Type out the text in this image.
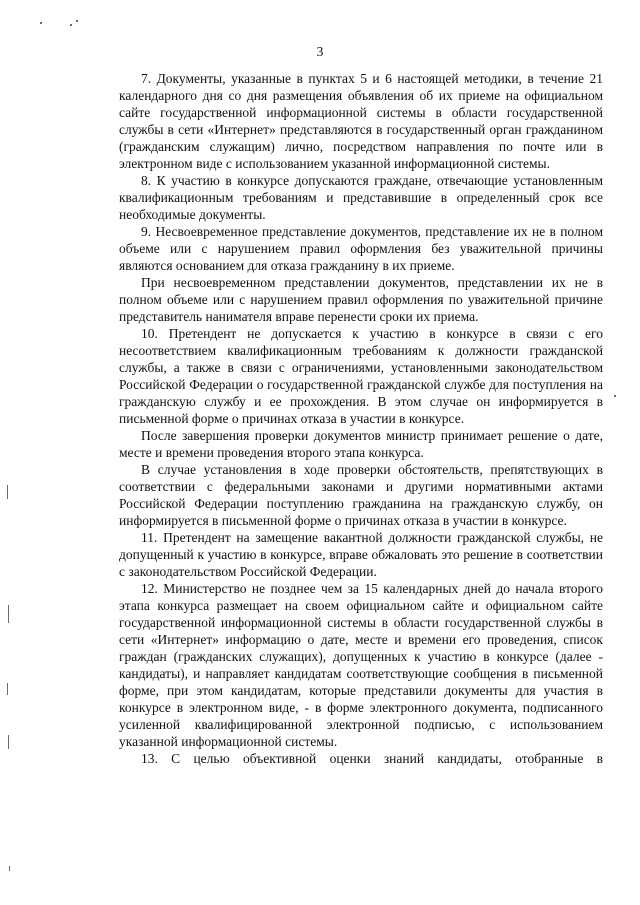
3

7. Документы, указанные в пунктах 5 и 6 настоящей методики, в течение 21 календарного дня со дня размещения объявления об их приеме на официальном сайте государственной информационной системы в области государственной службы в сети «Интернет» представляются в государственный орган гражданином (гражданским служащим) лично, посредством направления по почте или в электронном виде с использованием указанной информационной системы.

8. К участию в конкурсе допускаются граждане, отвечающие установленным квалификационным требованиям и представившие в определенный срок все необходимые документы.

9. Несвоевременное представление документов, представление их не в полном объеме или с нарушением правил оформления без уважительной причины являются основанием для отказа гражданину в их приеме.

При несвоевременном представлении документов, представлении их не в полном объеме или с нарушением правил оформления по уважительной причине представитель нанимателя вправе перенести сроки их приема.

10. Претендент не допускается к участию в конкурсе в связи с его несоответствием квалификационным требованиям к должности гражданской службы, а также в связи с ограничениями, установленными законодательством Российской Федерации о государственной гражданской службе для поступления на гражданскую службу и ее прохождения. В этом случае он информируется в письменной форме о причинах отказа в участии в конкурсе.

После завершения проверки документов министр принимает решение о дате, месте и времени проведения второго этапа конкурса.

В случае установления в ходе проверки обстоятельств, препятствующих в соответствии с федеральными законами и другими нормативными актами Российской Федерации поступлению гражданина на гражданскую службу, он информируется в письменной форме о причинах отказа в участии в конкурсе.

11. Претендент на замещение вакантной должности гражданской службы, не допущенный к участию в конкурсе, вправе обжаловать это решение в соответствии с законодательством Российской Федерации.

12. Министерство не позднее чем за 15 календарных дней до начала второго этапа конкурса размещает на своем официальном сайте и официальном сайте государственной информационной системы в области государственной службы в сети «Интернет» информацию о дате, месте и времени его проведения, список граждан (гражданских служащих), допущенных к участию в конкурсе (далее - кандидаты), и направляет кандидатам соответствующие сообщения в письменной форме, при этом кандидатам, которые представили документы для участия в конкурсе в электронном виде, - в форме электронного документа, подписанного усиленной квалифицированной электронной подписью, с использованием указанной информационной системы.

13. С целью объективной оценки знаний кандидаты, отобранные в
